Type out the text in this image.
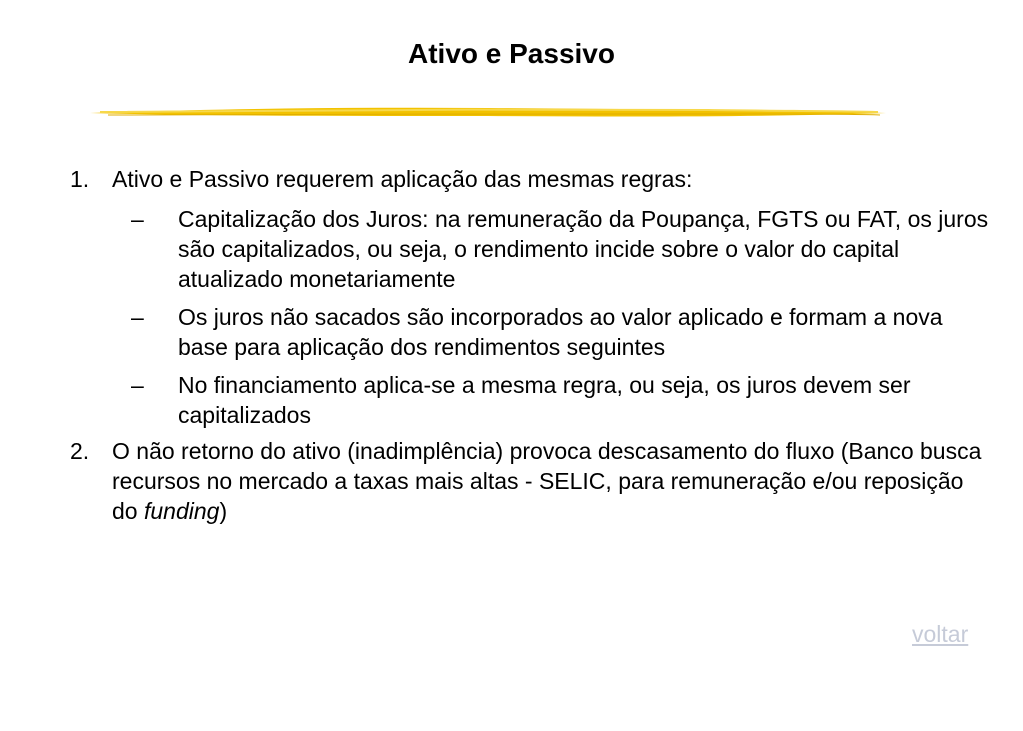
Ativo e Passivo
1. Ativo e Passivo requerem aplicação das mesmas regras:
– Capitalização dos Juros: na remuneração da Poupança, FGTS ou FAT, os juros são capitalizados, ou seja, o rendimento incide sobre o valor do capital atualizado monetariamente
– Os juros não sacados são incorporados ao valor aplicado e formam a nova base para aplicação dos rendimentos seguintes
– No financiamento aplica-se a mesma regra, ou seja, os juros devem ser capitalizados
2. O não retorno do ativo (inadimplência) provoca descasamento do fluxo (Banco busca recursos no mercado a taxas mais altas - SELIC, para remuneração e/ou reposição do funding)
voltar
